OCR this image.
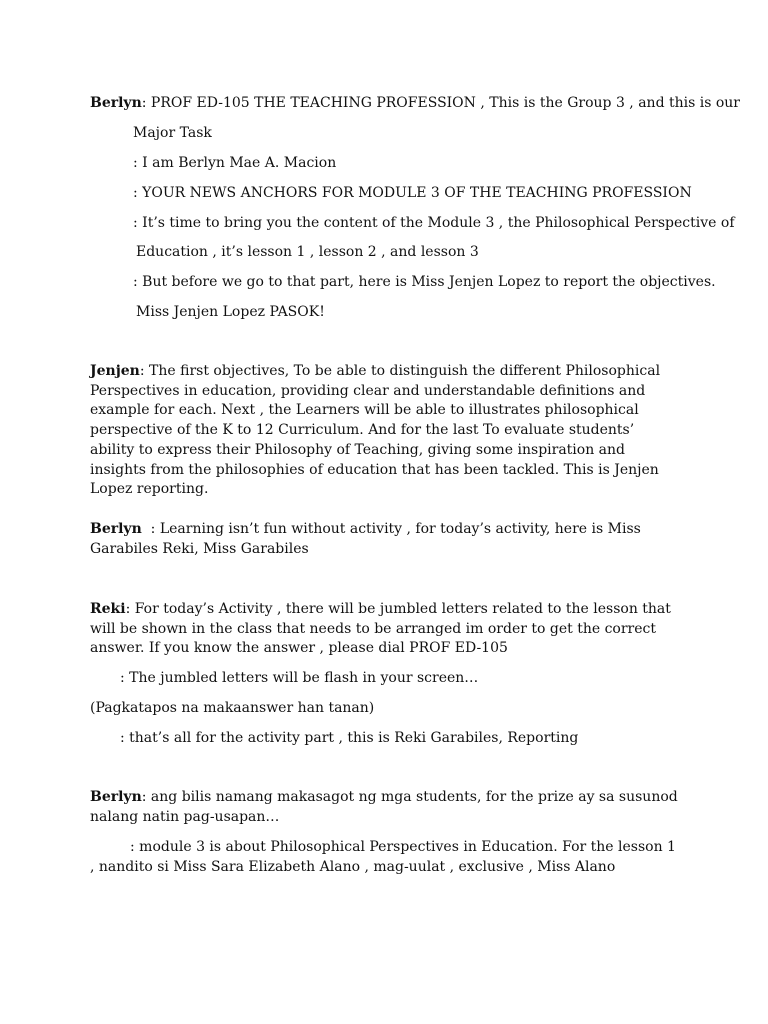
Berlyn: PROF ED-105 THE TEACHING PROFESSION , This is the Group 3 , and this is our
Major Task
: I am Berlyn Mae A. Macion
: YOUR NEWS ANCHORS FOR MODULE 3 OF THE TEACHING PROFESSION
: It’s time to bring you the content of the Module 3 , the Philosophical Perspective of
Education , it’s lesson 1 , lesson 2 , and lesson 3
: But before we go to that part, here is Miss Jenjen Lopez to report the objectives.
Miss Jenjen Lopez PASOK!
Jenjen: The first objectives, To be able to distinguish the different Philosophical Perspectives in education, providing clear and understandable definitions and example for each. Next , the Learners will be able to illustrates philosophical perspective of the K to 12 Curriculum. And for the last To evaluate students’ ability to express their Philosophy of Teaching, giving some inspiration and insights from the philosophies of education that has been tackled. This is Jenjen Lopez reporting.
Berlyn : Learning isn’t fun without activity , for today’s activity, here is Miss Garabiles Reki, Miss Garabiles
Reki: For today’s Activity , there will be jumbled letters related to the lesson that will be shown in the class that needs to be arranged im order to get the correct answer. If you know the answer , please dial PROF ED-105
: The jumbled letters will be flash in your screen…
(Pagkatapos na makaanswer han tanan)
: that’s all for the activity part , this is Reki Garabiles, Reporting
Berlyn: ang bilis namang makasagot ng mga students, for the prize ay sa susunod nalang natin pag-usapan…
: module 3 is about Philosophical Perspectives in Education. For the lesson 1 , nandito si Miss Sara Elizabeth Alano , mag-uulat , exclusive , Miss Alano
